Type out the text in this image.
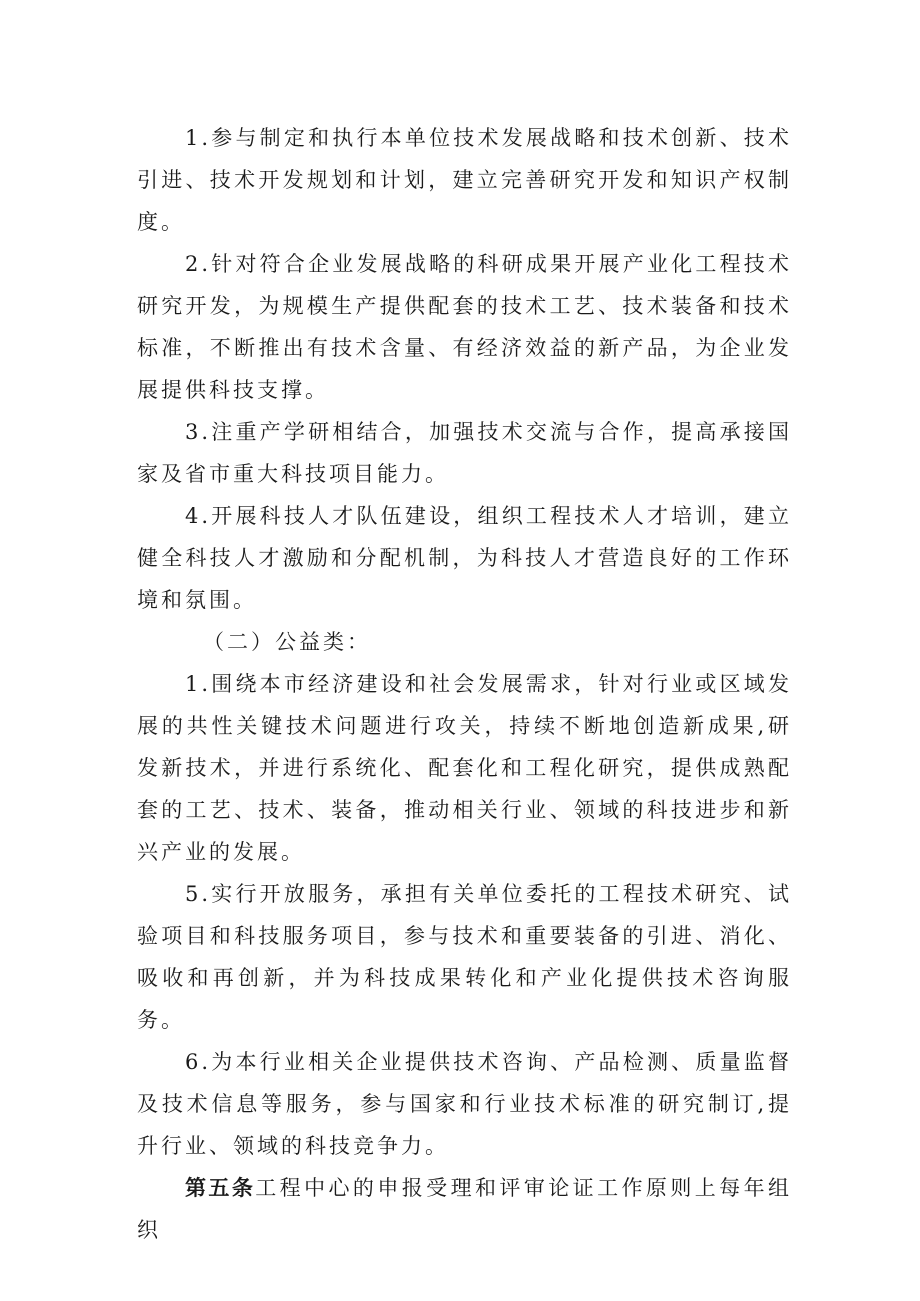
1.参与制定和执行本单位技术发展战略和技术创新、技术引进、技术开发规划和计划，建立完善研究开发和知识产权制度。

2.针对符合企业发展战略的科研成果开展产业化工程技术研究开发，为规模生产提供配套的技术工艺、技术装备和技术标准，不断推出有技术含量、有经济效益的新产品，为企业发展提供科技支撑。

3.注重产学研相结合，加强技术交流与合作，提高承接国家及省市重大科技项目能力。

4.开展科技人才队伍建设，组织工程技术人才培训，建立健全科技人才激励和分配机制，为科技人才营造良好的工作环境和氛围。

（二）公益类：

1.围绕本市经济建设和社会发展需求，针对行业或区域发展的共性关键技术问题进行攻关，持续不断地创造新成果,研发新技术，并进行系统化、配套化和工程化研究，提供成熟配套的工艺、技术、装备，推动相关行业、领域的科技进步和新兴产业的发展。

5.实行开放服务，承担有关单位委托的工程技术研究、试验项目和科技服务项目，参与技术和重要装备的引进、消化、吸收和再创新，并为科技成果转化和产业化提供技术咨询服务。

6.为本行业相关企业提供技术咨询、产品检测、质量监督及技术信息等服务，参与国家和行业技术标准的研究制订,提升行业、领域的科技竞争力。

第五条工程中心的申报受理和评审论证工作原则上每年组织
